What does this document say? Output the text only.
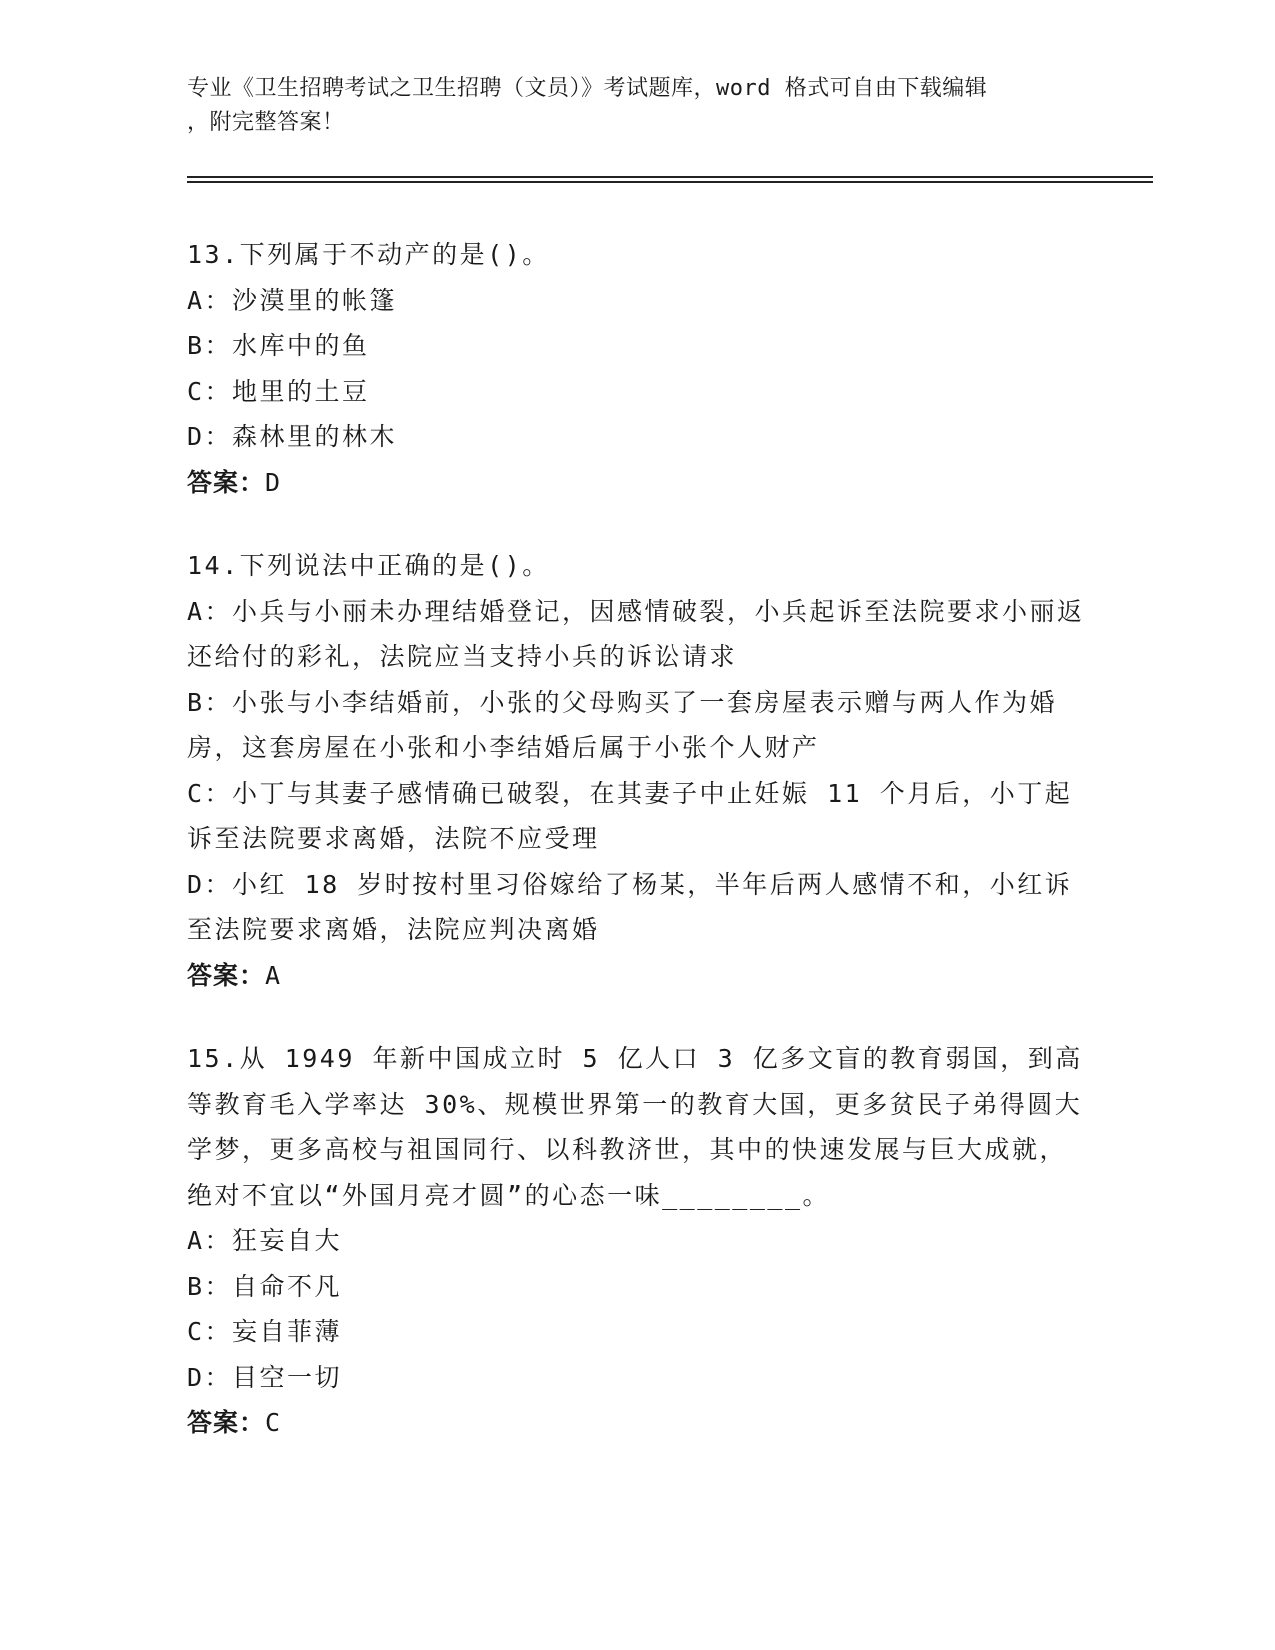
专业《卫生招聘考试之卫生招聘（文员）》考试题库，word 格式可自由下载编辑
，附完整答案！
13.下列属于不动产的是()。
A：沙漠里的帐篷
B：水库中的鱼
C：地里的土豆
D：森林里的林木
答案：D
14.下列说法中正确的是()。
A：小兵与小丽未办理结婚登记，因感情破裂，小兵起诉至法院要求小丽返还给付的彩礼，法院应当支持小兵的诉讼请求
B：小张与小李结婚前，小张的父母购买了一套房屋表示赠与两人作为婚房，这套房屋在小张和小李结婚后属于小张个人财产
C：小丁与其妻子感情确已破裂，在其妻子中止妊娠 11 个月后，小丁起诉至法院要求离婚，法院不应受理
D：小红 18 岁时按村里习俗嫁给了杨某，半年后两人感情不和，小红诉至法院要求离婚，法院应判决离婚
答案：A
15.从 1949 年新中国成立时 5 亿人口 3 亿多文盲的教育弱国，到高等教育毛入学率达 30%、规模世界第一的教育大国，更多贫民子弟得圆大学梦，更多高校与祖国同行、以科教济世，其中的快速发展与巨大成就，绝对不宜以“外国月亮才圆”的心态一味________。
A：狂妄自大
B：自命不凡
C：妄自菲薄
D：目空一切
答案：C
